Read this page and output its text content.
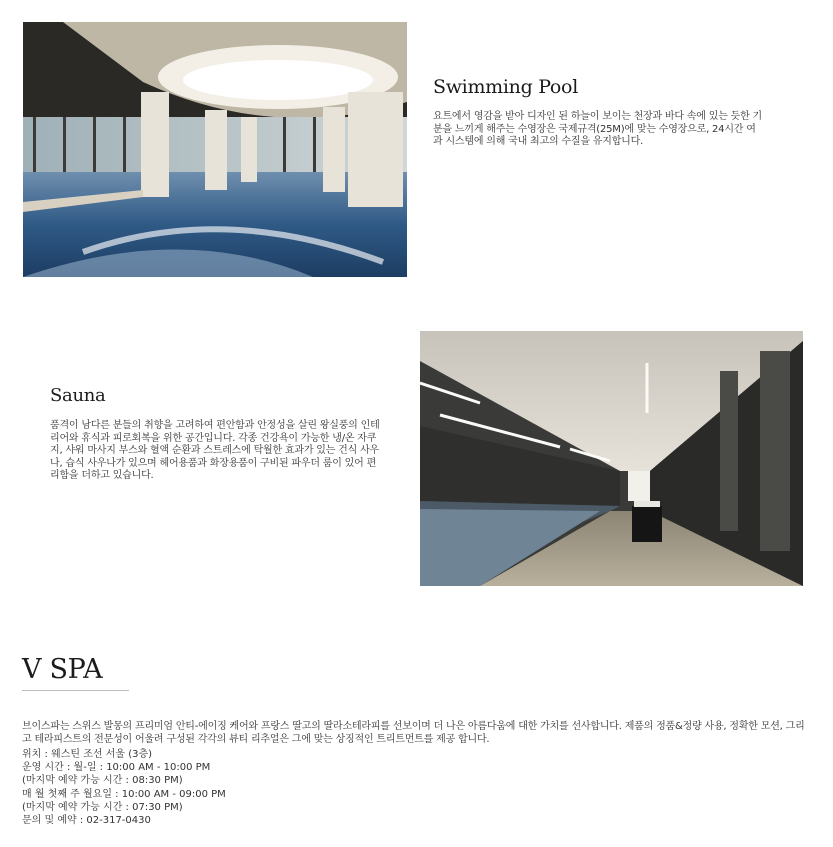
Swimming Pool

요트에서 영감을 받아 디자인 된 하늘이 보이는 천장과 바다 속에 있는 듯한 기분을 느끼게 해주는 수영장은 국제규격(25M)에 맞는 수영장으로, 24시간 여과 시스템에 의해 국내 최고의 수질을 유지합니다.

Sauna

품격이 남다른 분들의 취향을 고려하여 편안함과 안정성을 살린 왕실풍의 인테리어와 휴식과 피로회복을 위한 공간입니다. 각종 건강욕이 가능한 냉/온 자쿠지, 샤워 마사지 부스와 혈액 순환과 스트레스에 탁월한 효과가 있는 건식 사우나, 습식 사우나가 있으며 헤어용품과 화장용품이 구비된 파우더 룸이 있어 편리함을 더하고 있습니다.

V SPA

브이스파는 스위스 발몽의 프리미엄 안티-에이징 케어와 프랑스 딸고의 딸라소테라피를 선보이며 더 나은 아름다움에 대한 가치를 선사합니다. 제품의 정품&정량 사용, 정확한 모션, 그리고 테라피스트의 전문성이 어울려 구성된 각각의 뷰티 리추얼은 그에 맞는 상징적인 트리트먼트를 제공 합니다.

위치 : 웨스틴 조선 서울 (3층)
운영 시간 : 월-일 : 10:00 AM - 10:00 PM
(마지막 예약 가능 시간 : 08:30 PM)
매 월 첫째 주 월요일 : 10:00 AM - 09:00 PM
(마지막 예약 가능 시간 : 07:30 PM)
문의 및 예약 : 02-317-0430
